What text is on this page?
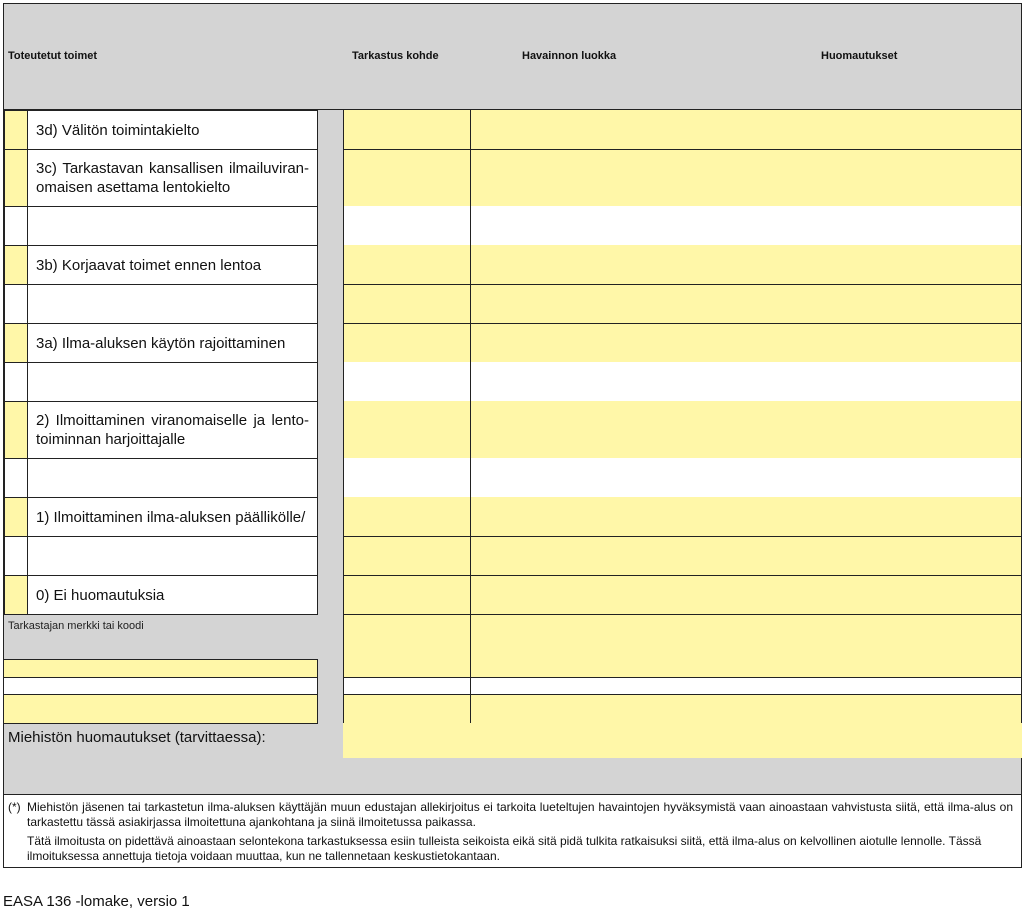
Toteutetut toimet	Tarkastus kohde	Havainnon luokka	Huomautukset
3d) Välitön toimintakielto
3c) Tarkastavan kansallisen ilmailuviran-omaisen asettama lentokielto
3b) Korjaavat toimet ennen lentoa
3a) Ilma-aluksen käytön rajoittaminen
2) Ilmoittaminen viranomaiselle ja lento-toiminnan harjoittajalle
1) Ilmoittaminen ilma-aluksen päällikölle/
0) Ei huomautuksia
Tarkastajan merkki tai koodi
Miehistön huomautukset (tarvittaessa):
(*) Miehistön jäsenen tai tarkastetun ilma-aluksen käyttäjän muun edustajan allekirjoitus ei tarkoita lueteltujen havaintojen hyväksymistä vaan ainoastaan vahvistusta siitä, että ilma-alus on tarkastettu tässä asiakirjassa ilmoitettuna ajankohtana ja siinä ilmoitetussa paikassa.
Tätä ilmoitusta on pidettävä ainoastaan selontekona tarkastuksessa esiin tulleista seikoista eikä sitä pidä tulkita ratkaisuksi siitä, että ilma-alus on kelvollinen aiotulle lennolle. Tässä ilmoituksessa annettuja tietoja voidaan muuttaa, kun ne tallennetaan keskustietokantaan.
EASA 136 -lomake, versio 1
